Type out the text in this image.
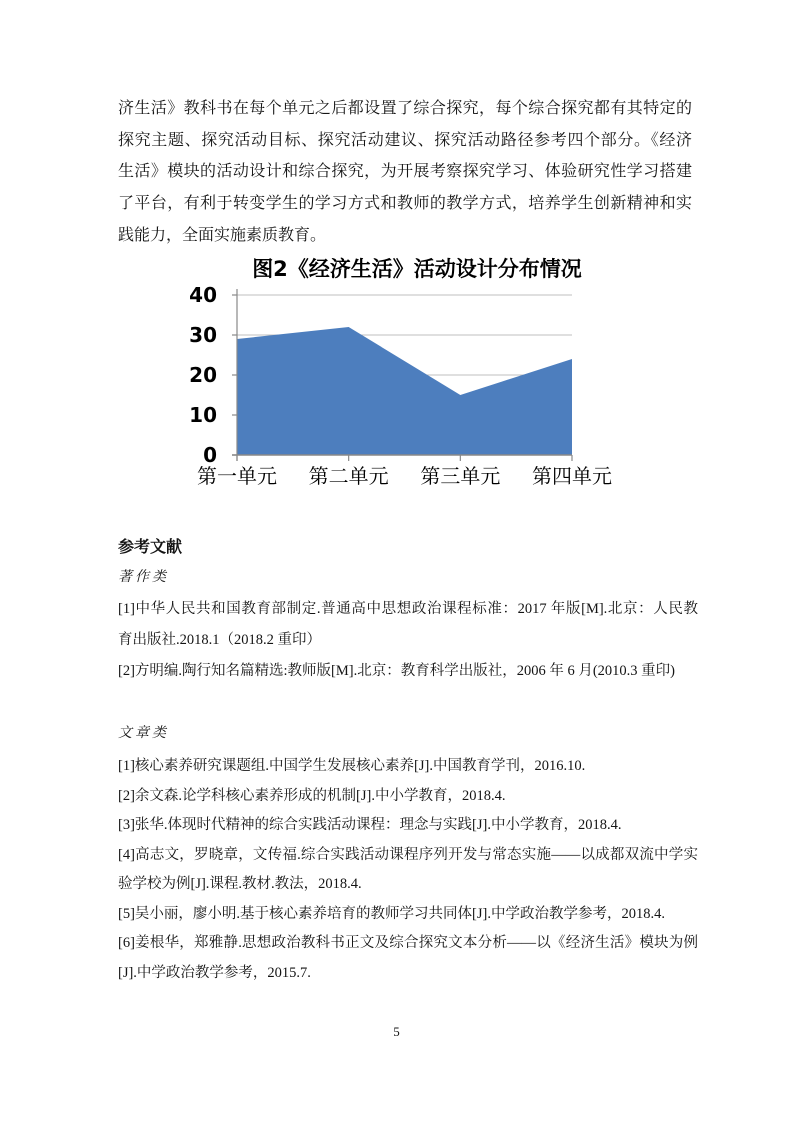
济生活》教科书在每个单元之后都设置了综合探究，每个综合探究都有其特定的
探究主题、探究活动目标、探究活动建议、探究活动路径参考四个部分。《经济
生活》模块的活动设计和综合探究，为开展考察探究学习、体验研究性学习搭建
了平台，有利于转变学生的学习方式和教师的教学方式，培养学生创新精神和实
践能力，全面实施素质教育。
图2《经济生活》活动设计分布情况
0
10
20
30
40
第一单元	第二单元	第三单元	第四单元
参考文献
著作类
[1]中华人民共和国教育部制定.普通高中思想政治课程标准：2017 年版[M].北京：人民教
育出版社.2018.1（2018.2 重印）
[2]方明编.陶行知名篇精选:教师版[M].北京：教育科学出版社，2006 年 6 月(2010.3 重印)
文章类
[1]核心素养研究课题组.中国学生发展核心素养[J].中国教育学刊，2016.10.
[2]余文森.论学科核心素养形成的机制[J].中小学教育，2018.4.
[3]张华.体现时代精神的综合实践活动课程：理念与实践[J].中小学教育，2018.4.
[4]高志文，罗晓章，文传福.综合实践活动课程序列开发与常态实施——以成都双流中学实
验学校为例[J].课程.教材.教法，2018.4.
[5]吴小丽，廖小明.基于核心素养培育的教师学习共同体[J].中学政治教学参考，2018.4.
[6]姜根华，郑雅静.思想政治教科书正文及综合探究文本分析——以《经济生活》模块为例
[J].中学政治教学参考，2015.7.
5
